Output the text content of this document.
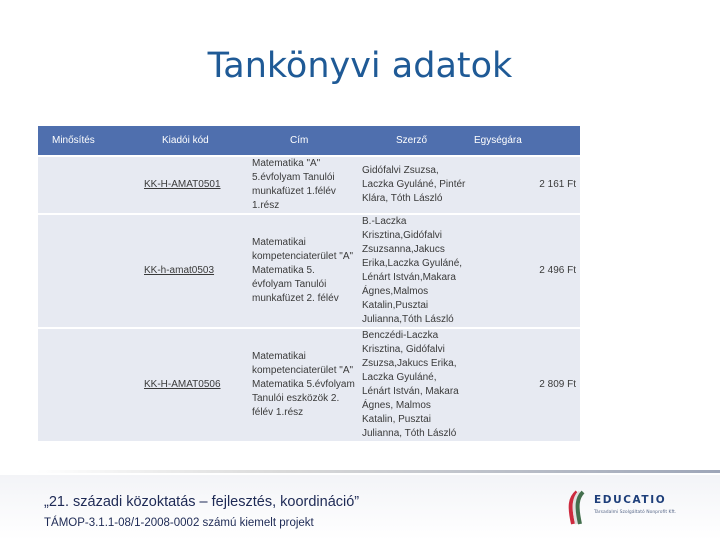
Tankönyvi adatok
Minősítés	Kiadói kód	Cím	Szerző	Egységára

	KK-H-AMAT0501	Matematika "A" 5.évfolyam Tanulói munkafüzet 1.félév 1.rész	Gidófalvi Zsuzsa, Laczka Gyuláné, Pintér Klára, Tóth László	2 161 Ft

	KK-h-amat0503	Matematikai kompetenciaterület "A" Matematika 5. évfolyam Tanulói munkafüzet 2. félév	B.-Laczka Krisztina,Gidófalvi Zsuzsanna,Jakucs Erika,Laczka Gyuláné, Lénárt István,Makara Ágnes,Malmos Katalin,Pusztai Julianna,Tóth László	2 496 Ft

	KK-H-AMAT0506	Matematikai kompetenciaterület "A" Matematika 5.évfolyam Tanulói eszközök 2. félév 1.rész	Benczédi-Laczka Krisztina, Gidófalvi Zsuzsa,Jakucs Erika, Laczka Gyuláné, Lénárt István, Makara Ágnes, Malmos Katalin, Pusztai Julianna, Tóth László	2 809 Ft
„21. századi közoktatás – fejlesztés, koordináció”
TÁMOP-3.1.1-08/1-2008-0002 számú kiemelt projekt
EDUCATIO
Társadalmi Szolgáltató Nonprofit Kft.
